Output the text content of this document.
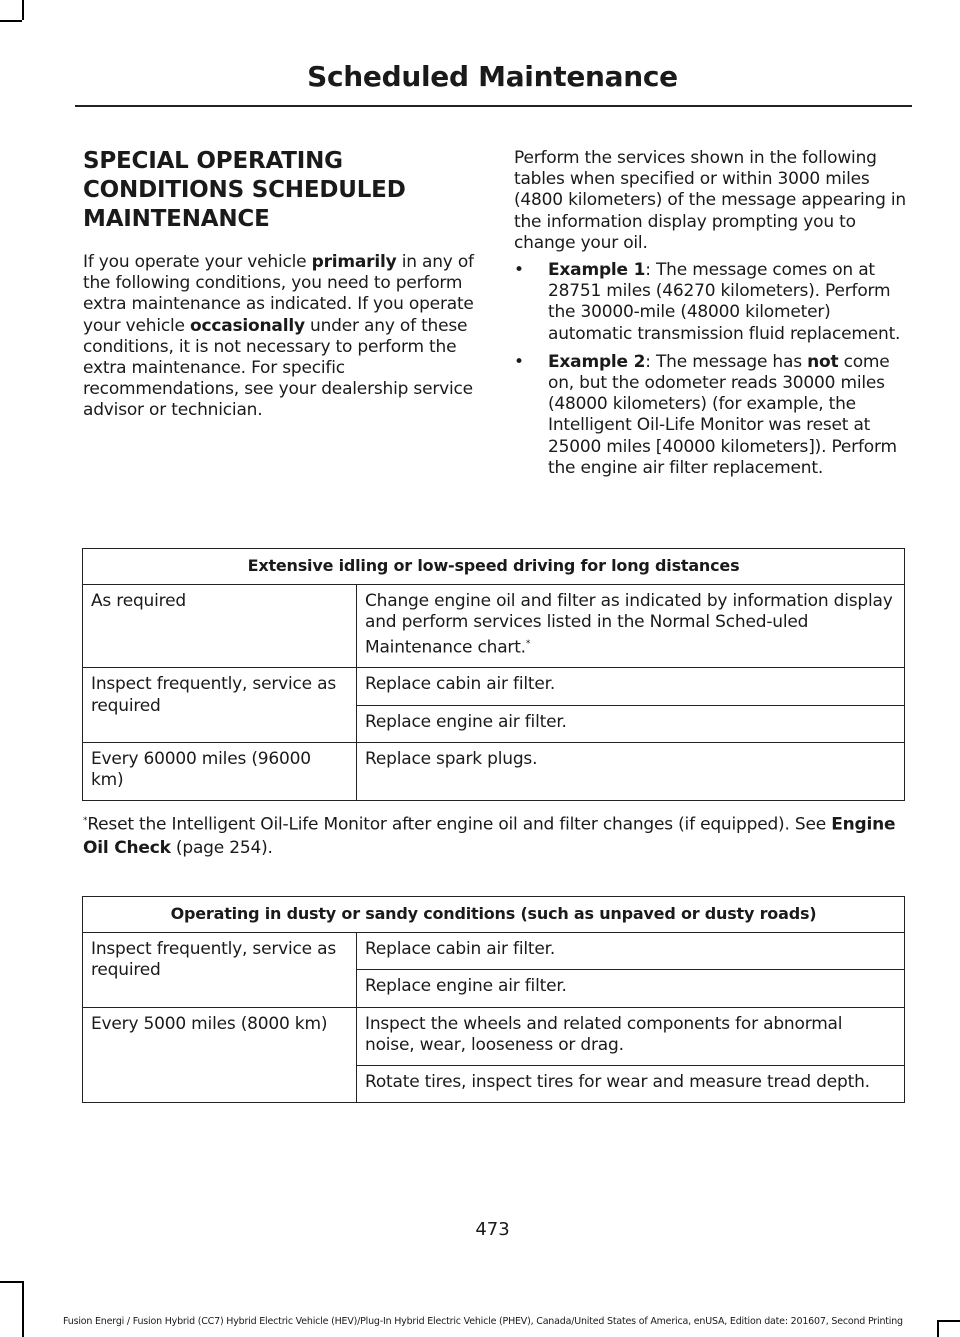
Scheduled Maintenance
SPECIAL OPERATING
CONDITIONS SCHEDULED
MAINTENANCE

If you operate your vehicle primarily in any of the following conditions, you need to perform extra maintenance as indicated. If you operate your vehicle occasionally under any of these conditions, it is not necessary to perform the extra maintenance. For specific recommendations, see your dealership service advisor or technician.

Perform the services shown in the following tables when specified or within 3000 miles (4800 kilometers) of the message appearing in the information display prompting you to change your oil.

• Example 1: The message comes on at 28751 miles (46270 kilometers). Perform the 30000-mile (48000 kilometer) automatic transmission fluid replacement.
• Example 2: The message has not come on, but the odometer reads 30000 miles (48000 kilometers) (for example, the Intelligent Oil-Life Monitor was reset at 25000 miles [40000 kilometers]). Perform the engine air filter replacement.
Extensive idling or low-speed driving for long distances	
As required	Change engine oil and filter as indicated by information display and perform services listed in the Normal Sched-uled Maintenance chart.*
Inspect frequently, service as required	Replace cabin air filter.
	Replace engine air filter.
Every 60000 miles (96000 km)	Replace spark plugs.
*Reset the Intelligent Oil-Life Monitor after engine oil and filter changes (if equipped). See Engine Oil Check (page 254).
Operating in dusty or sandy conditions (such as unpaved or dusty roads)	
Inspect frequently, service as required	Replace cabin air filter.
	Replace engine air filter.
Every 5000 miles (8000 km)	Inspect the wheels and related components for abnormal noise, wear, looseness or drag.
	Rotate tires, inspect tires for wear and measure tread depth.
473
Fusion Energi / Fusion Hybrid (CC7) Hybrid Electric Vehicle (HEV)/Plug-In Hybrid Electric Vehicle (PHEV), Canada/United States of America, enUSA, Edition date: 201607, Second Printing
